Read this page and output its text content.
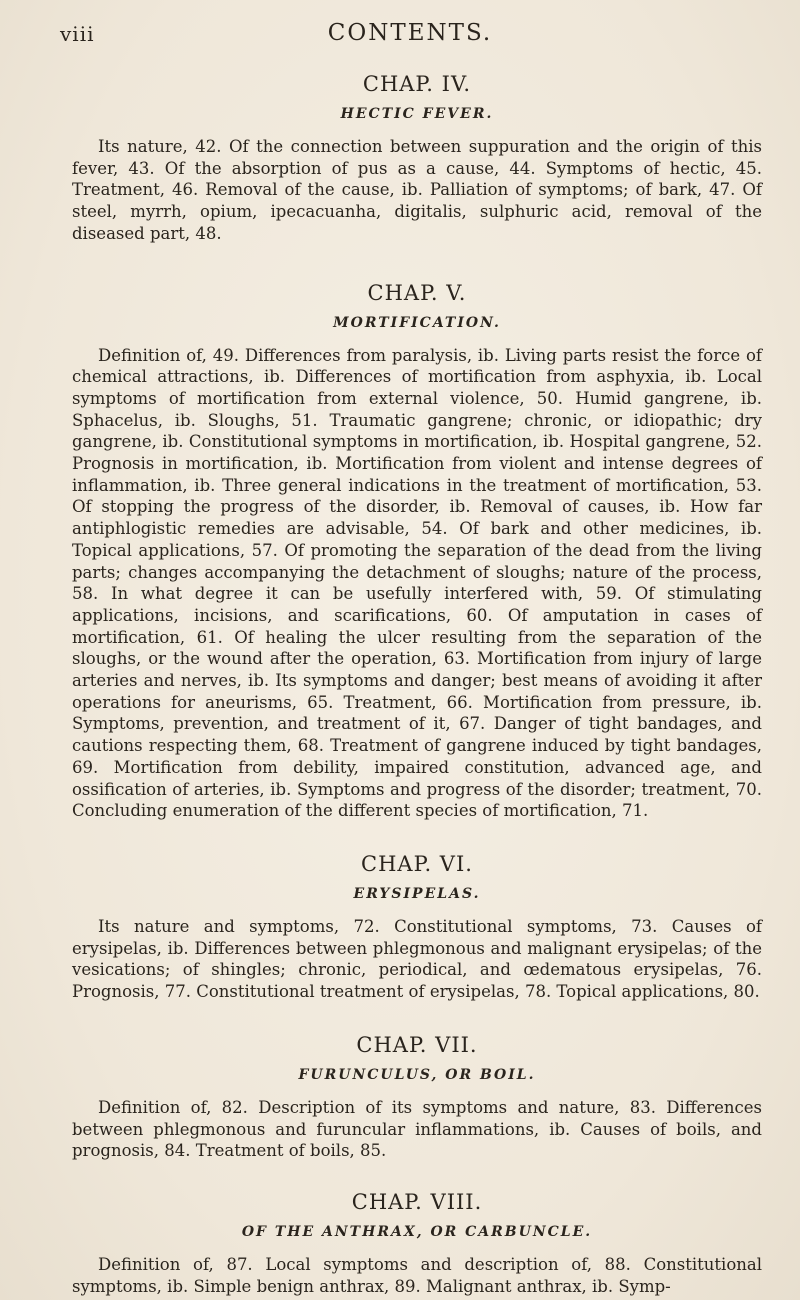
viii	CONTENTS.
CHAP. IV.
HECTIC FEVER.

Its nature, 42. Of the connection between suppuration and the origin of this fever, 43. Of the absorption of pus as a cause, 44. Symptoms of hectic, 45. Treatment, 46. Removal of the cause, ib. Palliation of symptoms; of bark, 47. Of steel, myrrh, opium, ipecacuanha, digitalis, sulphuric acid, removal of the diseased part, 48.

CHAP. V.
MORTIFICATION.

Definition of, 49. Differences from paralysis, ib. Living parts resist the force of chemical attractions, ib. Differences of mortification from asphyxia, ib. Local symptoms of mortification from external violence, 50. Humid gangrene, ib. Sphacelus, ib. Sloughs, 51. Traumatic gangrene; chronic, or idiopathic; dry gangrene, ib. Constitutional symptoms in mortification, ib. Hospital gangrene, 52. Prognosis in mortification, ib. Mortification from violent and intense degrees of inflammation, ib. Three general indications in the treatment of mortification, 53. Of stopping the progress of the disorder, ib. Removal of causes, ib. How far antiphlogistic remedies are advisable, 54. Of bark and other medicines, ib. Topical applications, 57. Of promoting the separation of the dead from the living parts; changes accompanying the detachment of sloughs; nature of the process, 58. In what degree it can be usefully interfered with, 59. Of stimulating applications, incisions, and scarifications, 60. Of amputation in cases of mortification, 61. Of healing the ulcer resulting from the separation of the sloughs, or the wound after the operation, 63. Mortification from injury of large arteries and nerves, ib. Its symptoms and danger; best means of avoiding it after operations for aneurisms, 65. Treatment, 66. Mortification from pressure, ib. Symptoms, prevention, and treatment of it, 67. Danger of tight bandages, and cautions respecting them, 68. Treatment of gangrene induced by tight bandages, 69. Mortification from debility, impaired constitution, advanced age, and ossification of arteries, ib. Symptoms and progress of the disorder; treatment, 70. Concluding enumeration of the different species of mortification, 71.

CHAP. VI.
ERYSIPELAS.

Its nature and symptoms, 72. Constitutional symptoms, 73. Causes of erysipelas, ib. Differences between phlegmonous and malignant erysipelas; of the vesications; of shingles; chronic, periodical, and œdematous erysipelas, 76. Prognosis, 77. Constitutional treatment of erysipelas, 78. Topical applications, 80.

CHAP. VII.
FURUNCULUS, OR BOIL.

Definition of, 82. Description of its symptoms and nature, 83. Differences between phlegmonous and furuncular inflammations, ib. Causes of boils, and prognosis, 84. Treatment of boils, 85.

CHAP. VIII.
OF THE ANTHRAX, OR CARBUNCLE.

Definition of, 87. Local symptoms and description of, 88. Constitutional symptoms, ib. Simple benign anthrax, 89. Malignant anthrax, ib. Symp-
